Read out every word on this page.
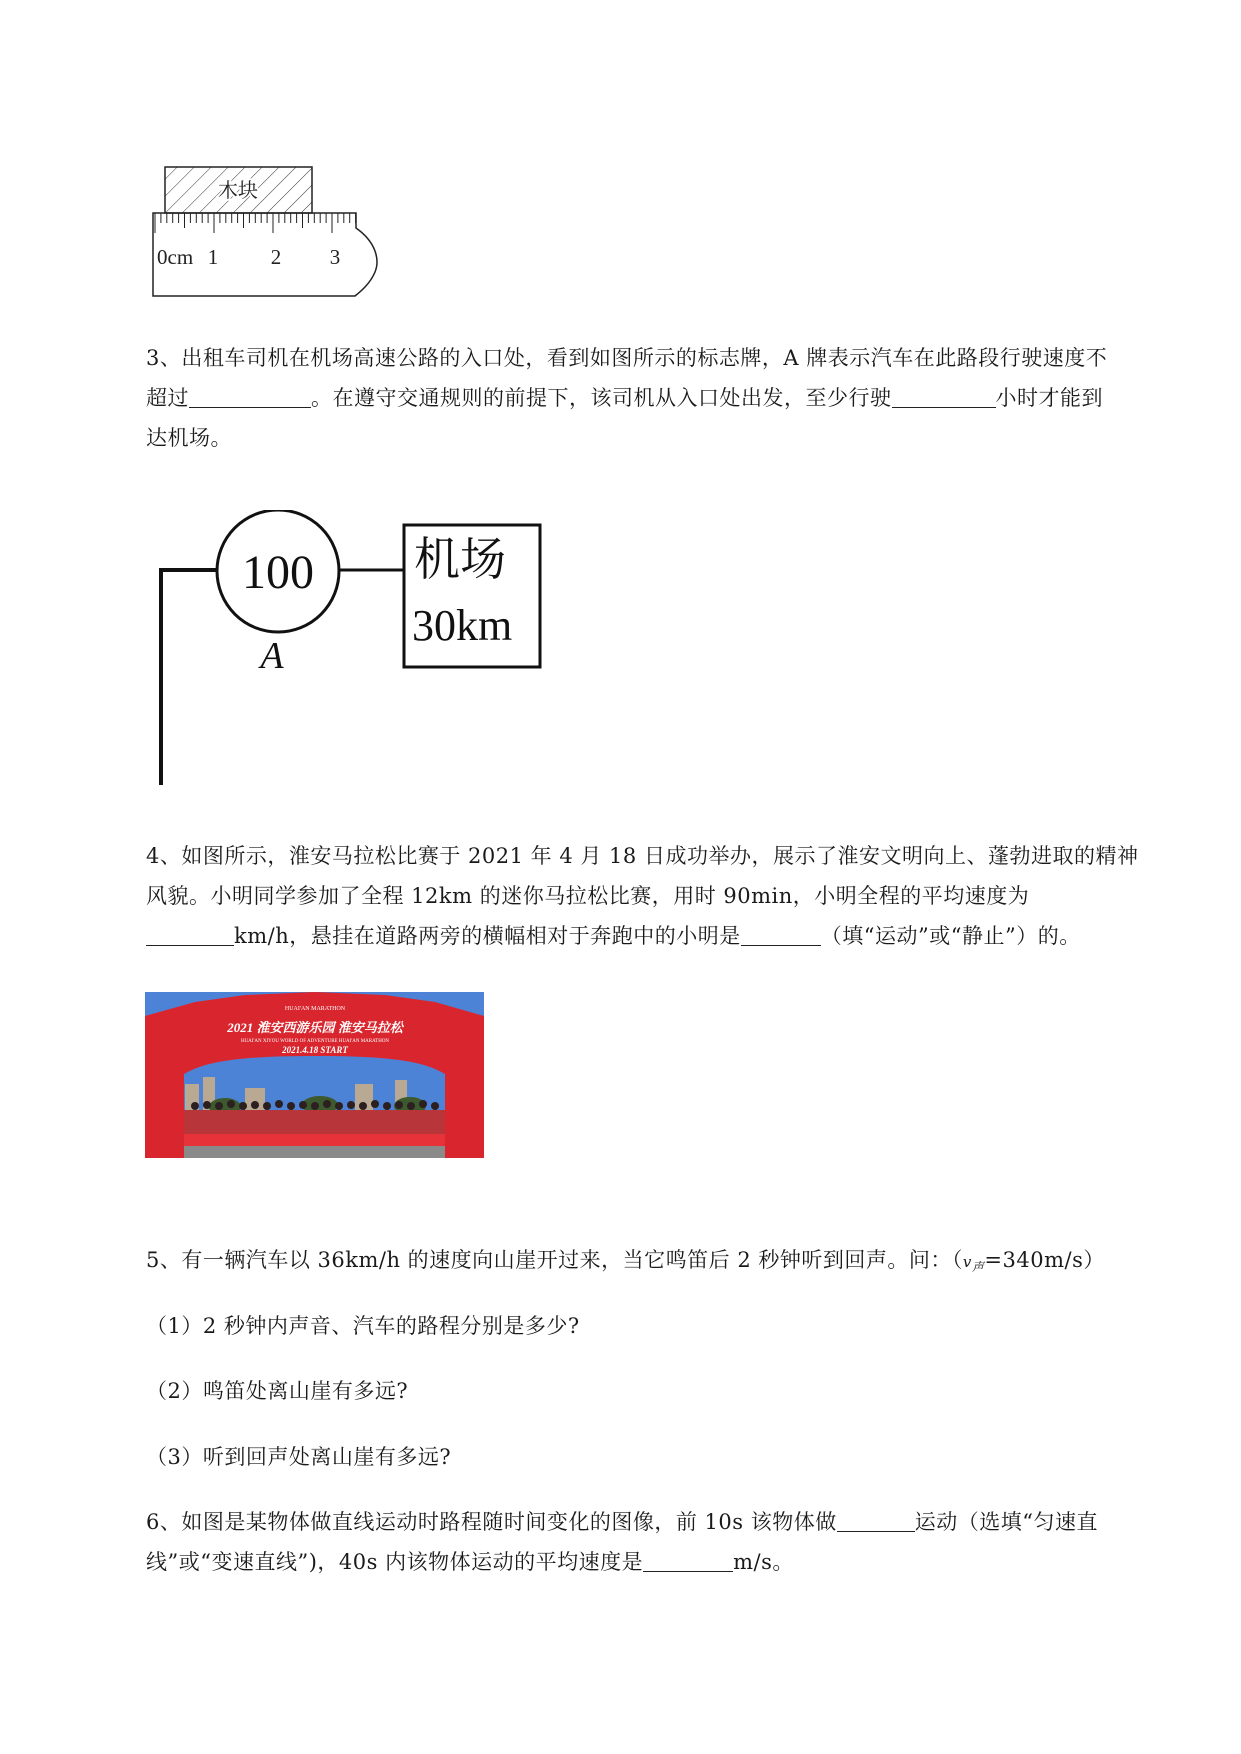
木块
0cm 1	2 3
3、出租车司机在机场高速公路的入口处，看到如图所示的标志牌，A 牌表示汽车在此路段行驶速度不
超过	。在遵守交通规则的前提下，该司机从入口处出发，至少行驶	小时才能到
达机场。
100 机场
30km
A
4、如图所示，淮安马拉松比赛于 2021 年 4 月 18 日成功举办，展示了淮安文明向上、蓬勃进取的精神
风貌。小明同学参加了全程 12km 的迷你马拉松比赛，用时 90min，小明全程的平均速度为
km/h，悬挂在道路两旁的横幅相对于奔跑中的小明是	（填“运动”或“静止”）的。
HUAI'AN MARATHON
2021 淮安西游乐园 淮安马拉松
HUAI'AN XIYOU WORLD OF ADVENTURE HUAI'AN MARATHON
2021.4.18 START
5、有一辆汽车以 36km/h 的速度向山崖开过来，当它鸣笛后 2 秒钟听到回声。问：$(v_声=340m/s)$
（1）2 秒钟内声音、汽车的路程分别是多少?
（2）鸣笛处离山崖有多远?
（3）听到回声处离山崖有多远?
6、如图是某物体做直线运动时路程随时间变化的图像，前 10s 该物体做	运动（选填“匀速直
线”或“变速直线”)，40s 内该物体运动的平均速度是	m/s。
